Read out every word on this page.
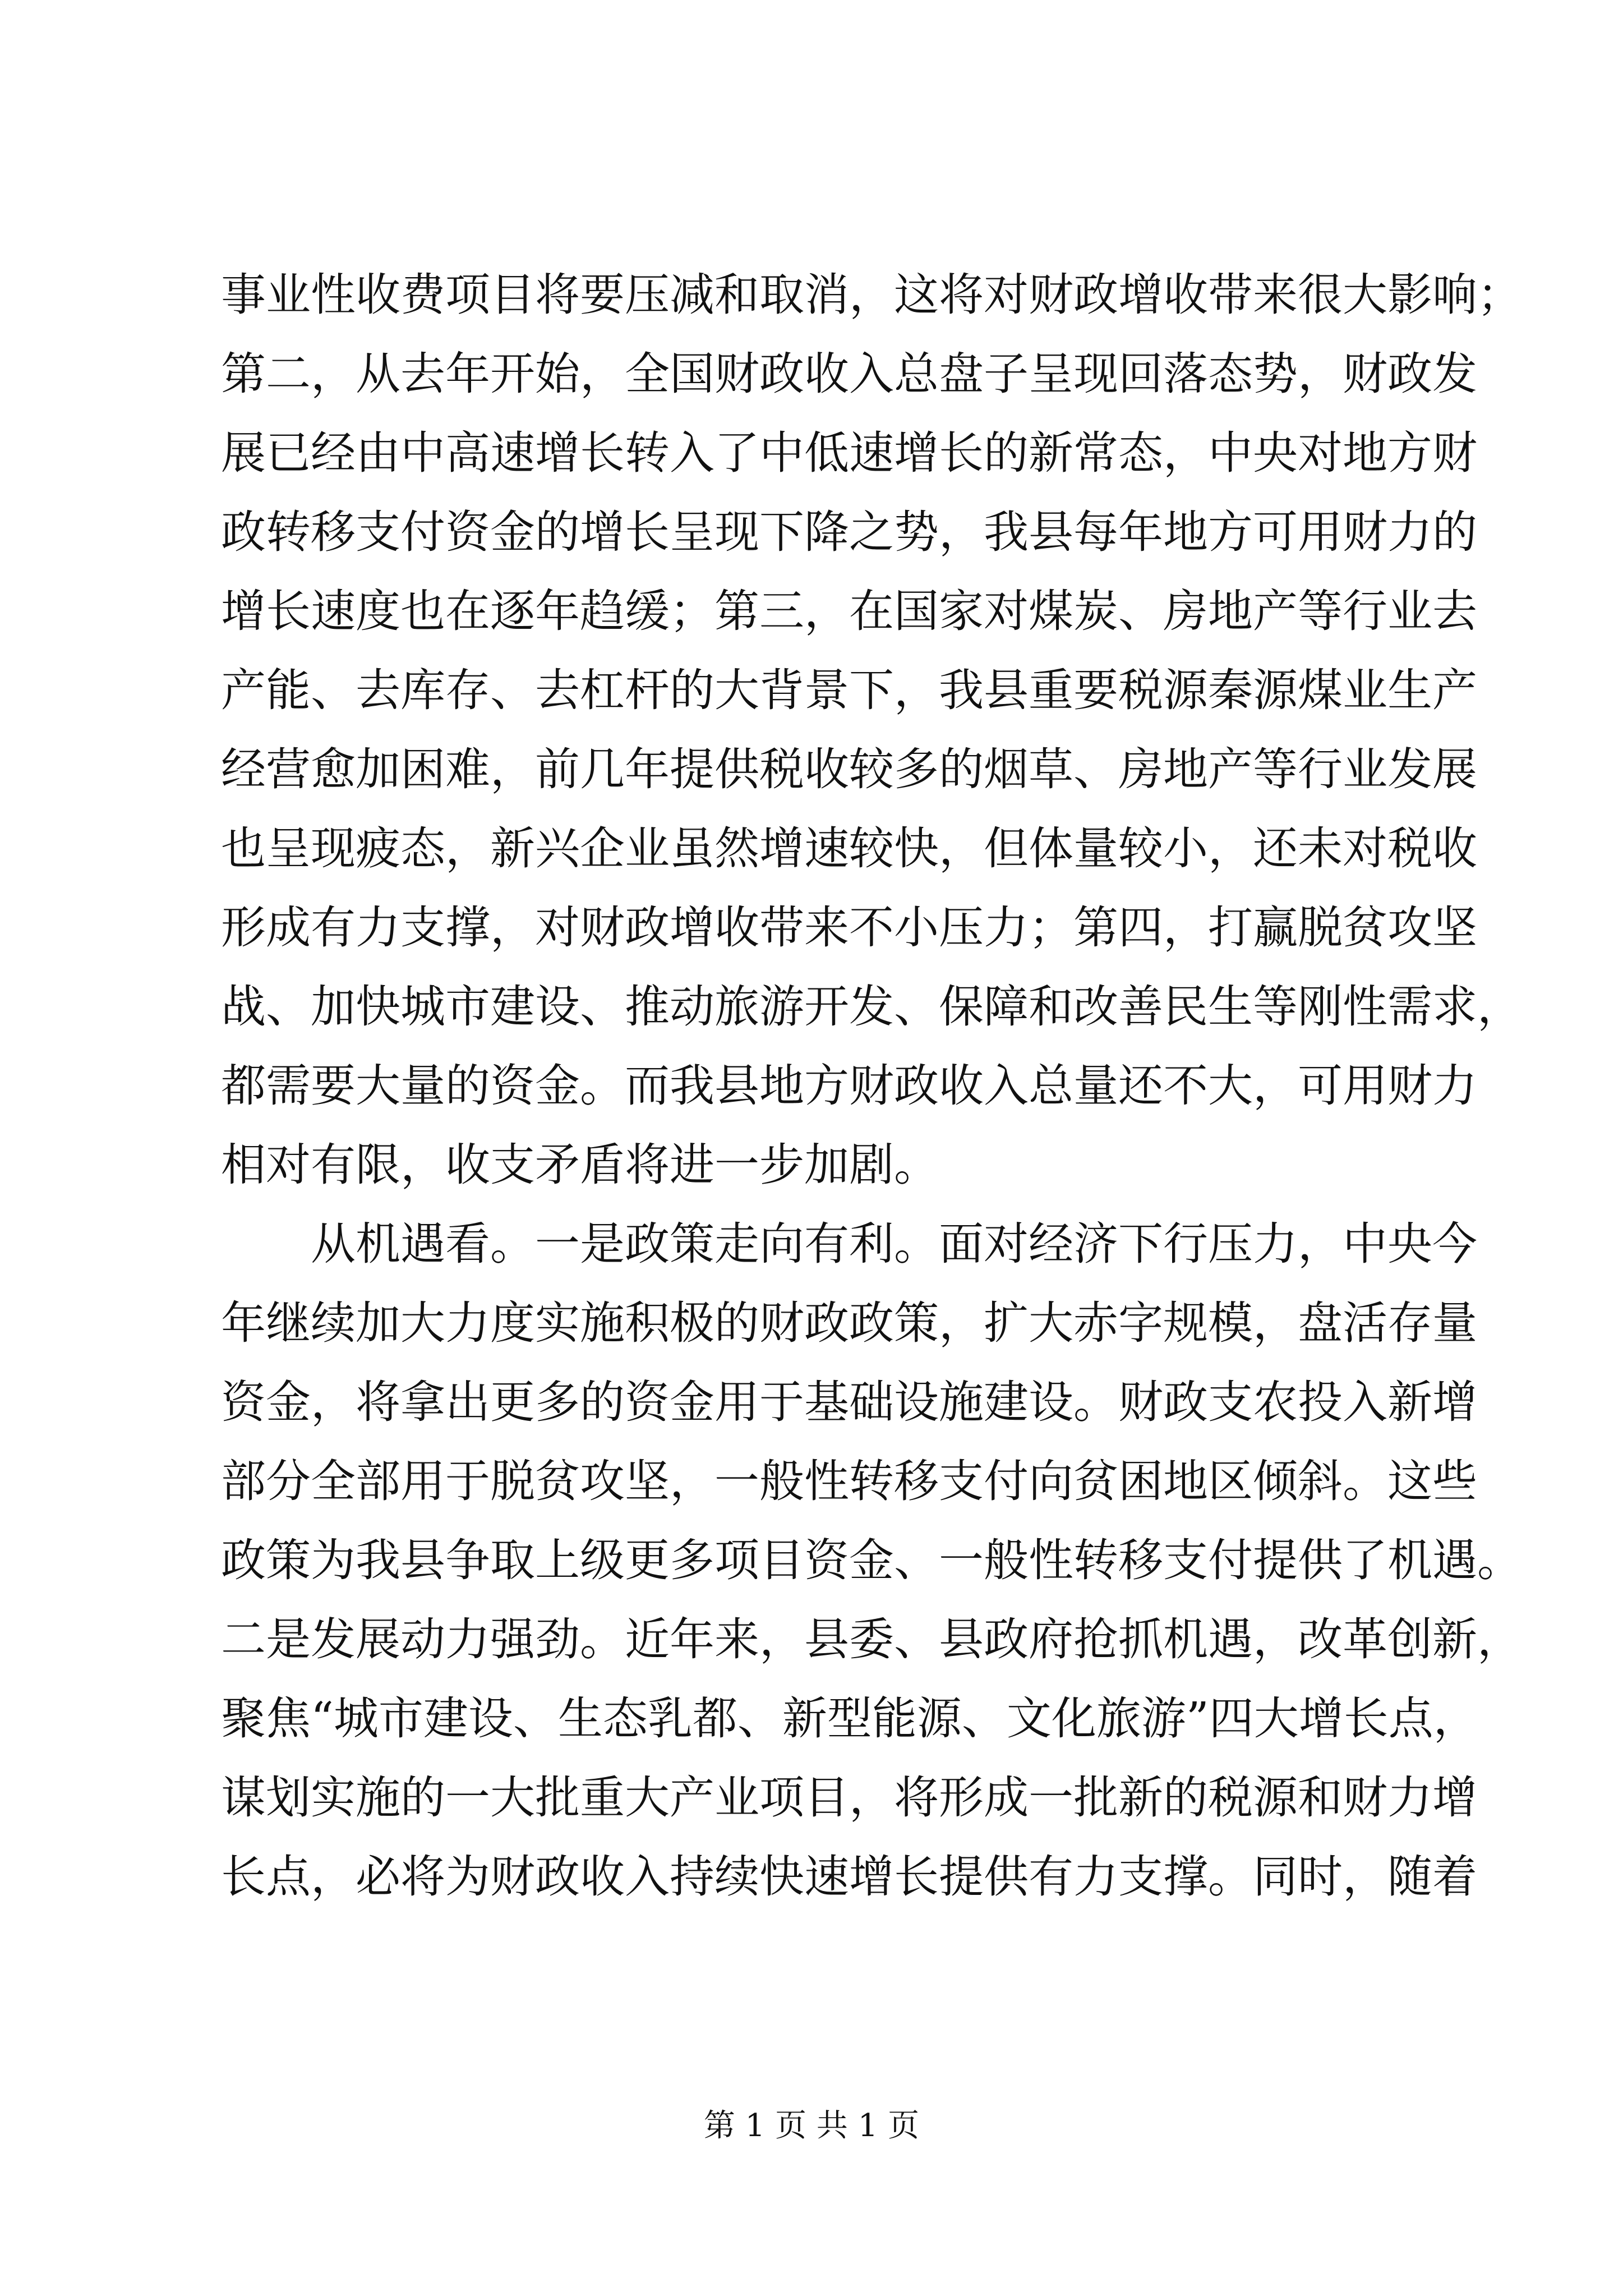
事业性收费项目将要压减和取消，这将对财政增收带来很大影响；
第二，从去年开始，全国财政收入总盘子呈现回落态势，财政发
展已经由中高速增长转入了中低速增长的新常态，中央对地方财
政转移支付资金的增长呈现下降之势，我县每年地方可用财力的
增长速度也在逐年趋缓；第三，在国家对煤炭、房地产等行业去
产能、去库存、去杠杆的大背景下，我县重要税源秦源煤业生产
经营愈加困难，前几年提供税收较多的烟草、房地产等行业发展
也呈现疲态，新兴企业虽然增速较快，但体量较小，还未对税收
形成有力支撑，对财政增收带来不小压力；第四，打赢脱贫攻坚
战、加快城市建设、推动旅游开发、保障和改善民生等刚性需求，
都需要大量的资金。而我县地方财政收入总量还不大，可用财力
相对有限，收支矛盾将进一步加剧。
从机遇看。一是政策走向有利。面对经济下行压力，中央今
年继续加大力度实施积极的财政政策，扩大赤字规模，盘活存量
资金，将拿出更多的资金用于基础设施建设。财政支农投入新增
部分全部用于脱贫攻坚，一般性转移支付向贫困地区倾斜。这些
政策为我县争取上级更多项目资金、一般性转移支付提供了机遇。
二是发展动力强劲。近年来，县委、县政府抢抓机遇，改革创新，
聚焦“城市建设、生态乳都、新型能源、文化旅游”四大增长点，
谋划实施的一大批重大产业项目，将形成一批新的税源和财力增
长点，必将为财政收入持续快速增长提供有力支撑。同时，随着
第 1 页 共 1 页
